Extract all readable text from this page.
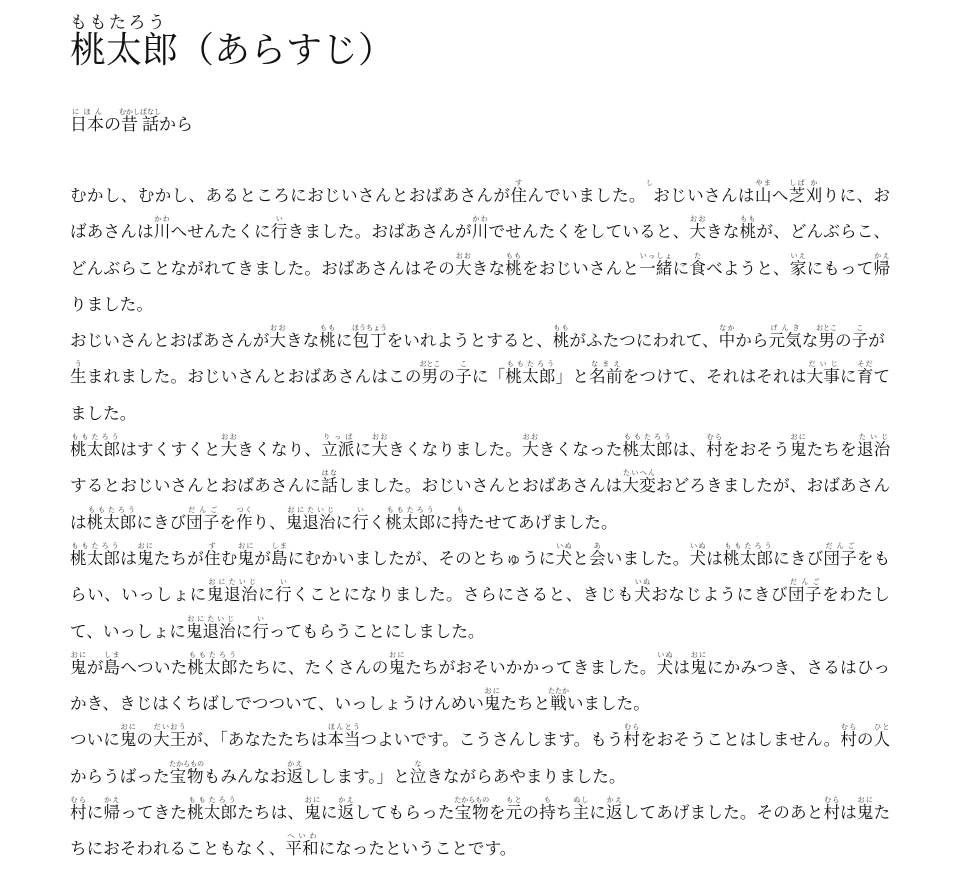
ももたろう
桃太郎（あらすじ）
日本にほんの昔むかし話ばなしから

むかし、むかし、あるところにおじいさんとおばあさんが住すんでいました。しおじいさんは山やまへ芝しば刈かりに、おばあさんは川かわへせんたくに行いきました。おばあさんが川かわでせんたくをしていると、大おおきな桃ももが、どんぶらこ、どんぶらことながれてきました。おばあさんはその大おおきな桃ももをおじいさんと一緒いっしょに食たべようと、家いえにもって帰かえりました。

おじいさんとおばあさんが大おおきな桃ももに包丁ほうちょうをいれようとすると、桃ももがふたつにわれて、中なかから元気げんきな男おとこの子こが生うまれました。おじいさんとおばあさんはこの男おとこの子こに「桃太郎ももたろう」と名前なまえをつけて、それはそれは大事だいじに育そだてました。

桃太郎ももたろうはすくすくと大おおきくなり、立派りっぱに大おおきくなりました。大おおきくなった桃太郎ももたろうは、村むらをおそう鬼おにたちを退治たいじするとおじいさんとおばあさんに話はなしました。おじいさんとおばあさんは大変たいへんおどろきましたが、おばあさんは桃太郎ももたろうにきび団子だんごを作つくり、鬼退治おにたいじに行いく桃太郎ももたろうに持もたせてあげました。

桃太郎ももたろうは鬼おにたちが住すむ鬼おにが島しまにむかいましたが、そのとちゅうに犬いぬと会あいました。犬いぬは桃太郎ももたろうにきび団子だんごをもらい、いっしょに鬼退治おにたいじに行いくことになりました。さらにさると、きじも犬いぬおなじようにきび団子だんごをわたして、いっしょに鬼退治おにたいじに行いってもらうことにしました。

鬼おにが島しまへついた桃太郎ももたろうたちに、たくさんの鬼おにたちがおそいかかってきました。犬いぬは鬼おににかみつき、さるはひっかき、きじはくちばしでつついて、いっしょうけんめい鬼おにたちと戦たたかいました。

ついに鬼おにの大王だいおうが、「あなたたちは本当ほんとうつよいです。こうさんします。もう村むらをおそうことはしません。村むらの人ひとからうばった宝物たからものもみんなお返かえしします。」と泣なきながらあやまりました。

村むらに帰かえってきた桃太郎ももたろうたちは、鬼おにに返かえしてもらった宝物たからものを元もとの持もち主ぬしに返かえしてあげました。そのあと村むらは鬼おにたちにおそわれることもなく、平和へいわになったということです。
